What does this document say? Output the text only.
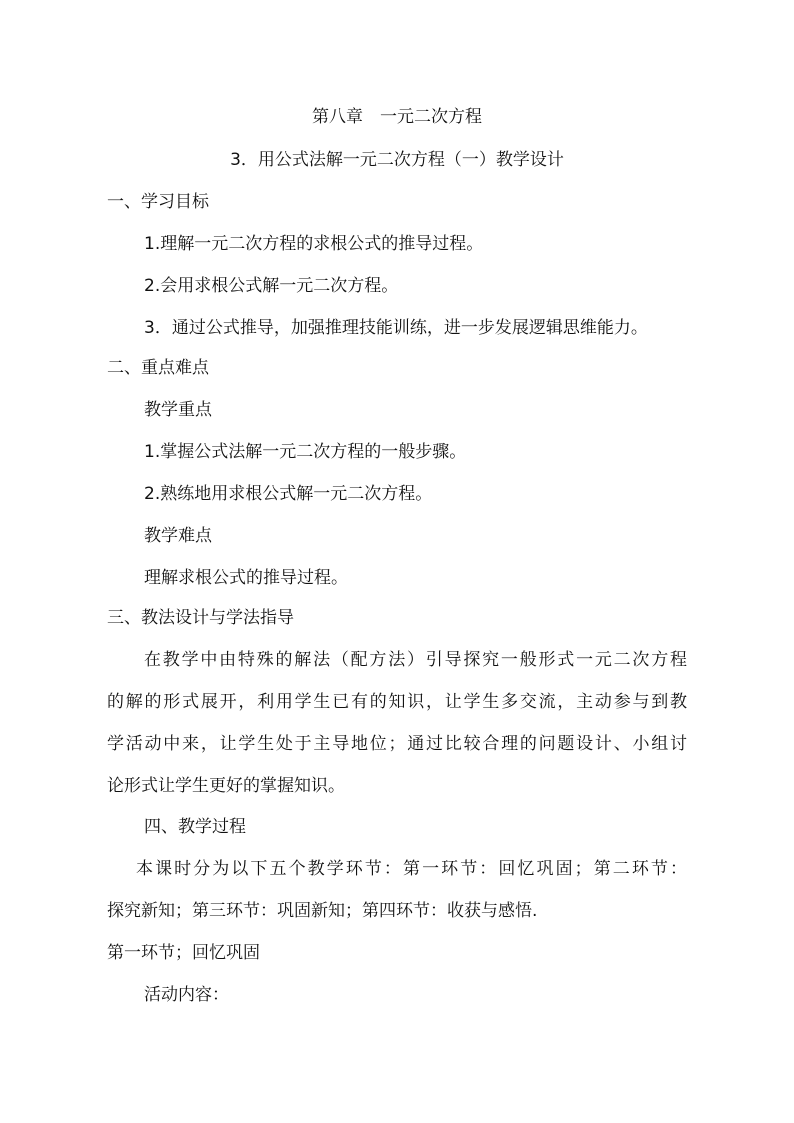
第八章　一元二次方程

3．用公式法解一元二次方程（一）教学设计

一、学习目标

1.理解一元二次方程的求根公式的推导过程。

2.会用求根公式解一元二次方程。

3．通过公式推导，加强推理技能训练，进一步发展逻辑思维能力。

二、重点难点

教学重点

1.掌握公式法解一元二次方程的一般步骤。

2.熟练地用求根公式解一元二次方程。

教学难点

理解求根公式的推导过程。

三、教法设计与学法指导

在教学中由特殊的解法（配方法）引导探究一般形式一元二次方程

的解的形式展开，利用学生已有的知识，让学生多交流，主动参与到教

学活动中来，让学生处于主导地位；通过比较合理的问题设计、小组讨

论形式让学生更好的掌握知识。

四、教学过程

本课时分为以下五个教学环节：第一环节：回忆巩固；第二环节：

探究新知；第三环节：巩固新知；第四环节：收获与感悟.

第一环节；回忆巩固

活动内容：
